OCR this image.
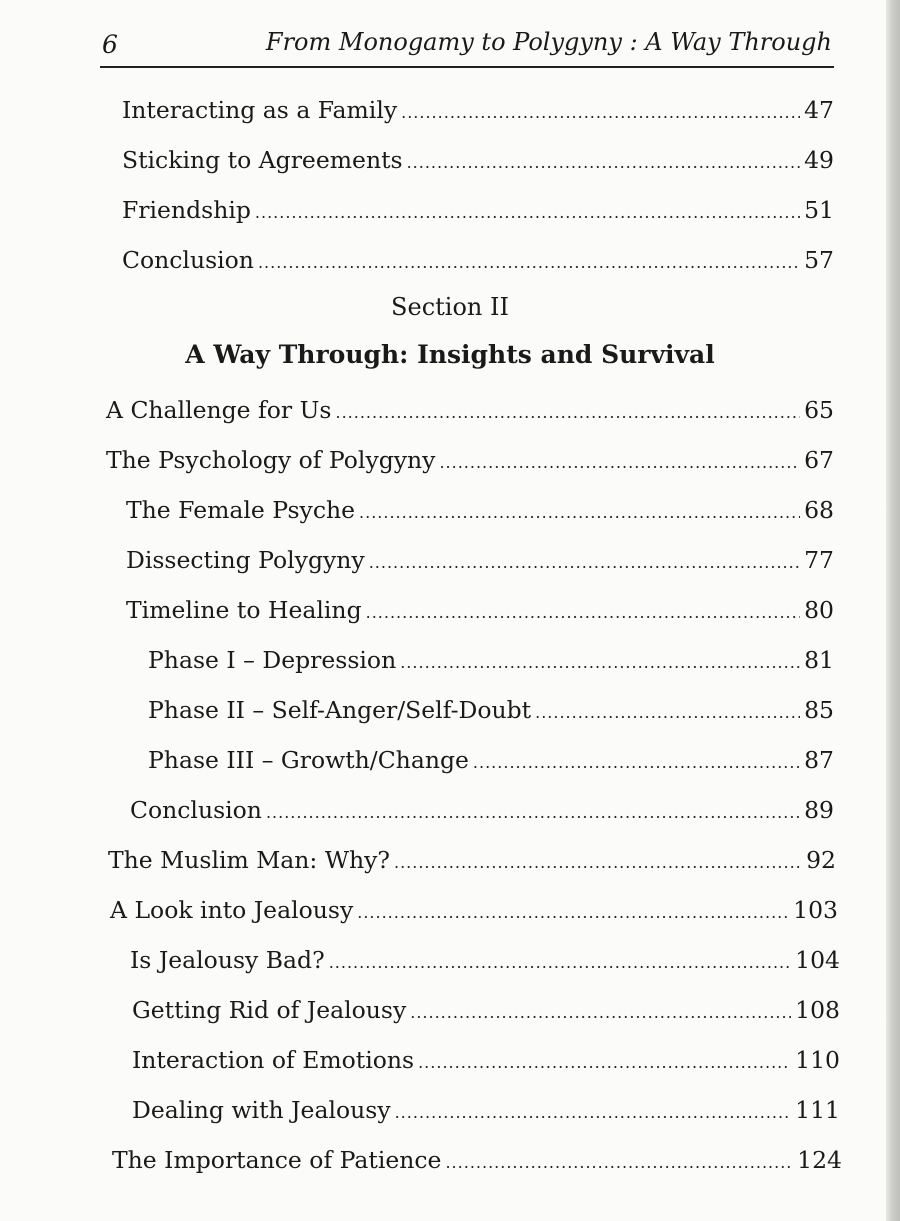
6	From Monogamy to Polygyny : A Way Through
Interacting as a Family .....	47
Sticking to Agreements .....	49
Friendship .....	51
Conclusion .....	57
Section II
A Way Through: Insights and Survival
A Challenge for Us .....	65
The Psychology of Polygyny .....	67
The Female Psyche .....	68
Dissecting Polygyny .....	77
Timeline to Healing .....	80
Phase I – Depression .....	81
Phase II – Self-Anger/Self-Doubt .....	85
Phase III – Growth/Change .....	87
Conclusion .....	89
The Muslim Man: Why? .....	92
A Look into Jealousy .....	103
Is Jealousy Bad? .....	104
Getting Rid of Jealousy .....	108
Interaction of Emotions .....	110
Dealing with Jealousy .....	111
The Importance of Patience .....	124
